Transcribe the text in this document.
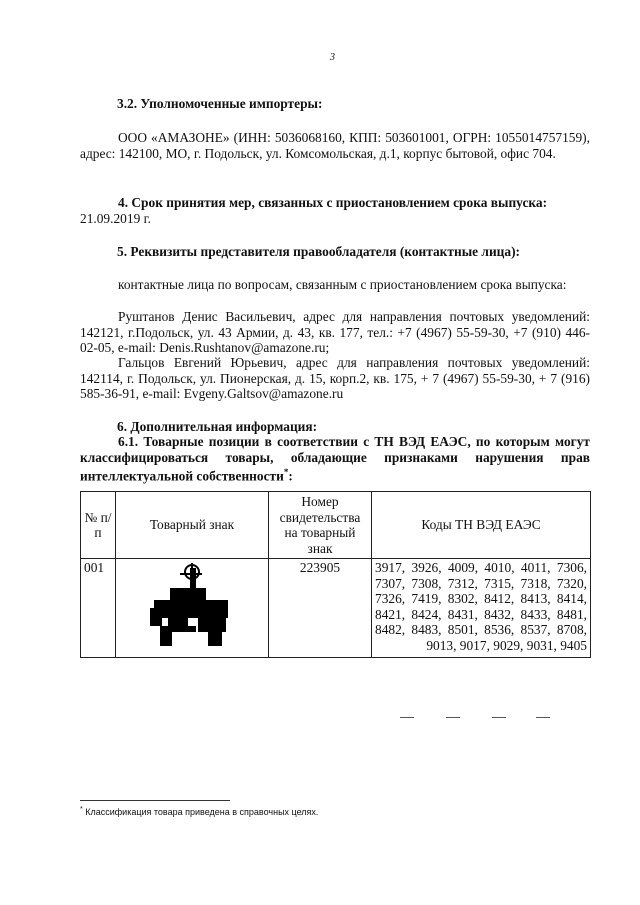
3
3.2. Уполномоченные импортеры:
ООО «АМАЗОНЕ» (ИНН: 5036068160, КПП: 503601001, ОГРН: 1055014757159), адрес: 142100, МО, г. Подольск, ул. Комсомольская, д.1, корпус бытовой, офис 704.
4. Срок принятия мер, связанных с приостановлением срока выпуска:
21.09.2019 г.
5. Реквизиты представителя правообладателя (контактные лица):
контактные лица по вопросам, связанным с приостановлением срока выпуска:
Руштанов Денис Васильевич, адрес для направления почтовых уведомлений: 142121, г.Подольск, ул. 43 Армии, д. 43, кв. 177, тел.: +7 (4967) 55-59-30, +7 (910) 446-02-05, e-mail: Denis.Rushtanov@amazone.ru;
Гальцов Евгений Юрьевич, адрес для направления почтовых уведомлений: 142114, г. Подольск, ул. Пионерская, д. 15, корп.2, кв. 175, + 7 (4967) 55-59-30, + 7 (916) 585-36-91, e-mail: Evgeny.Galtsov@amazone.ru
6. Дополнительная информация:
6.1. Товарные позиции в соответствии с ТН ВЭД ЕАЭС, по которым могут классифицироваться товары, обладающие признаками нарушения прав интеллектуальной собственности*:
№ п/п	Товарный знак	Номер свидетельства на товарный знак	Коды ТН ВЭД ЕАЭС
001		223905	3917, 3926, 4009, 4010, 4011, 7306, 7307, 7308, 7312, 7315, 7318, 7320, 7326, 7419, 8302, 8412, 8413, 8414, 8421, 8424, 8431, 8432, 8433, 8481, 8482, 8483, 8501, 8536, 8537, 8708, 9013, 9017, 9029, 9031, 9405
* Классификация товара приведена в справочных целях.
